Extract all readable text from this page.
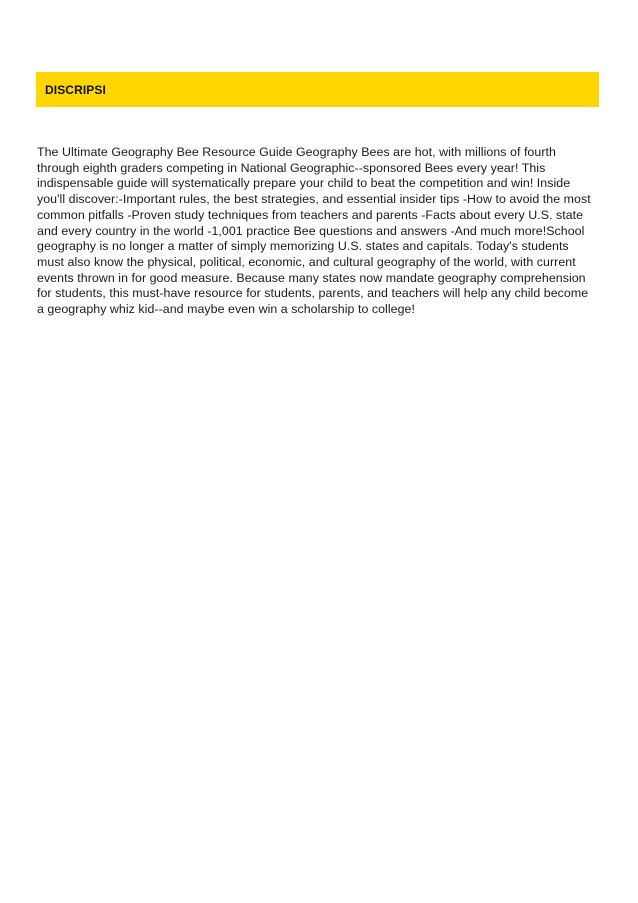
DISCRIPSI

The Ultimate Geography Bee Resource Guide Geography Bees are hot, with millions of fourth through eighth graders competing in National Geographic--sponsored Bees every year! This indispensable guide will systematically prepare your child to beat the competition and win! Inside you'll discover:-Important rules, the best strategies, and essential insider tips -How to avoid the most common pitfalls -Proven study techniques from teachers and parents -Facts about every U.S. state and every country in the world -1,001 practice Bee questions and answers -And much more!School geography is no longer a matter of simply memorizing U.S. states and capitals. Today's students must also know the physical, political, economic, and cultural geography of the world, with current events thrown in for good measure. Because many states now mandate geography comprehension for students, this must-have resource for students, parents, and teachers will help any child become a geography whiz kid--and maybe even win a scholarship to college!
